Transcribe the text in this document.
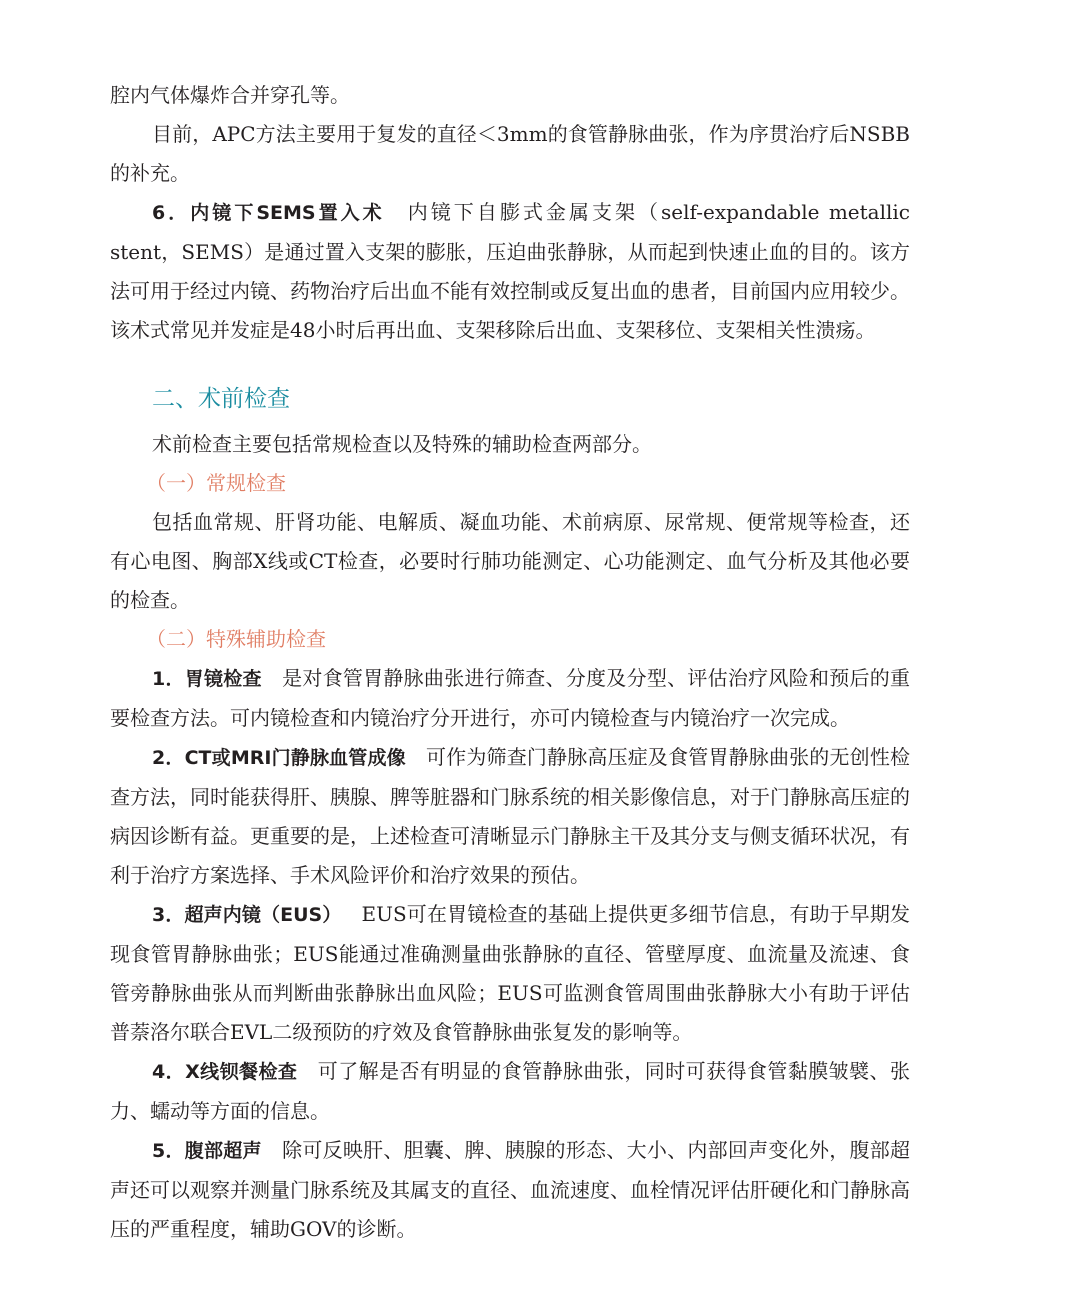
腔内气体爆炸合并穿孔等。

目前，APC方法主要用于复发的直径＜3mm的食管静脉曲张，作为序贯治疗后NSBB的补充。

6．内镜下SEMS置入术 内镜下自膨式金属支架（self-expandable metallic stent，SEMS）是通过置入支架的膨胀，压迫曲张静脉，从而起到快速止血的目的。该方法可用于经过内镜、药物治疗后出血不能有效控制或反复出血的患者，目前国内应用较少。该术式常见并发症是48小时后再出血、支架移除后出血、支架移位、支架相关性溃疡。

二、术前检查

术前检查主要包括常规检查以及特殊的辅助检查两部分。

（一）常规检查

包括血常规、肝肾功能、电解质、凝血功能、术前病原、尿常规、便常规等检查，还有心电图、胸部X线或CT检查，必要时行肺功能测定、心功能测定、血气分析及其他必要的检查。

（二）特殊辅助检查

1．胃镜检查 是对食管胃静脉曲张进行筛查、分度及分型、评估治疗风险和预后的重要检查方法。可内镜检查和内镜治疗分开进行，亦可内镜检查与内镜治疗一次完成。

2．CT或MRI门静脉血管成像 可作为筛查门静脉高压症及食管胃静脉曲张的无创性检查方法，同时能获得肝、胰腺、脾等脏器和门脉系统的相关影像信息，对于门静脉高压症的病因诊断有益。更重要的是，上述检查可清晰显示门静脉主干及其分支与侧支循环状况，有利于治疗方案选择、手术风险评价和治疗效果的预估。

3．超声内镜（EUS） EUS可在胃镜检查的基础上提供更多细节信息，有助于早期发现食管胃静脉曲张；EUS能通过准确测量曲张静脉的直径、管壁厚度、血流量及流速、食管旁静脉曲张从而判断曲张静脉出血风险；EUS可监测食管周围曲张静脉大小有助于评估普萘洛尔联合EVL二级预防的疗效及食管静脉曲张复发的影响等。

4．X线钡餐检查 可了解是否有明显的食管静脉曲张，同时可获得食管黏膜皱襞、张力、蠕动等方面的信息。

5．腹部超声 除可反映肝、胆囊、脾、胰腺的形态、大小、内部回声变化外，腹部超声还可以观察并测量门脉系统及其属支的直径、血流速度、血栓情况评估肝硬化和门静脉高压的严重程度，辅助GOV的诊断。
